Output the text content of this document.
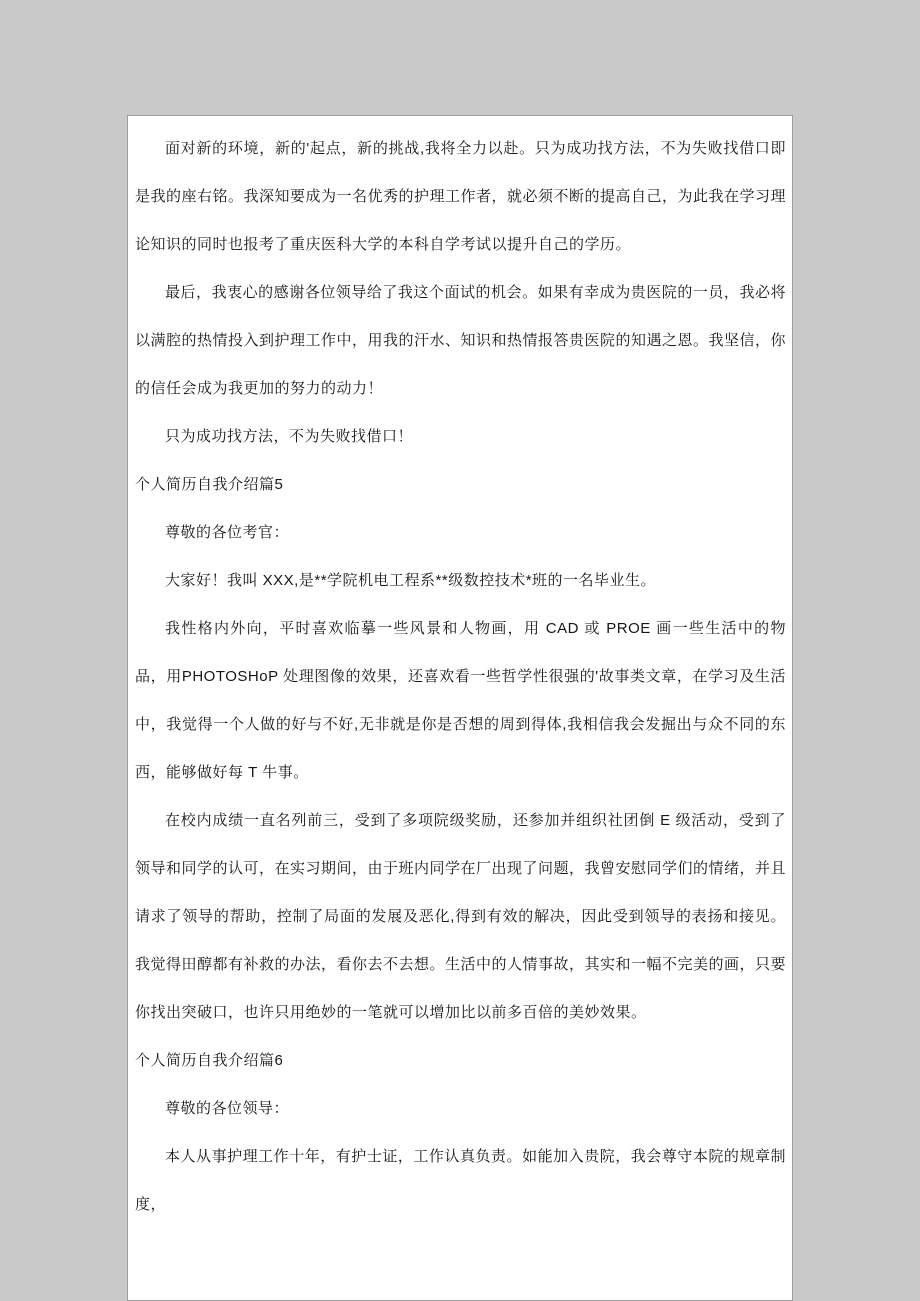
面对新的环境，新的'起点，新的挑战,我将全力以赴。只为成功找方法，不为失败找借口即是我的座右铭。我深知要成为一名优秀的护理工作者，就必须不断的提高自己，为此我在学习理论知识的同时也报考了重庆医科大学的本科自学考试以提升自己的学历。

最后，我衷心的感谢各位领导给了我这个面试的机会。如果有幸成为贵医院的一员，我必将以满腔的热情投入到护理工作中，用我的汗水、知识和热情报答贵医院的知遇之恩。我坚信，你的信任会成为我更加的努力的动力！

只为成功找方法，不为失败找借口！

个人简历自我介绍篇5

尊敬的各位考官：

大家好！我叫 XXX,是**学院机电工程系**级数控技术*班的一名毕业生。

我性格内外向，平时喜欢临摹一些风景和人物画，用 CAD 或 PROE 画一些生活中的物品，用PHOTOSHoP 处理图像的效果，还喜欢看一些哲学性很强的'故事类文章，在学习及生活中，我觉得一个人做的好与不好,无非就是你是否想的周到得体,我相信我会发掘出与众不同的东西，能够做好每 T 牛事。

在校内成绩一直名列前三，受到了多项院级奖励，还参加并组织社团倒 E 级活动，受到了领导和同学的认可，在实习期间，由于班内同学在厂出现了问题，我曾安慰同学们的情绪，并且请求了领导的帮助，控制了局面的发展及恶化,得到有效的解决，因此受到领导的表扬和接见。我觉得田醇都有补救的办法，看你去不去想。生活中的人情事故，其实和一幅不完美的画，只要你找出突破口，也许只用绝妙的一笔就可以增加比以前多百倍的美妙效果。

个人简历自我介绍篇6

尊敬的各位领导：

本人从事护理工作十年，有护士证，工作认真负责。如能加入贵院，我会尊守本院的规章制度，
